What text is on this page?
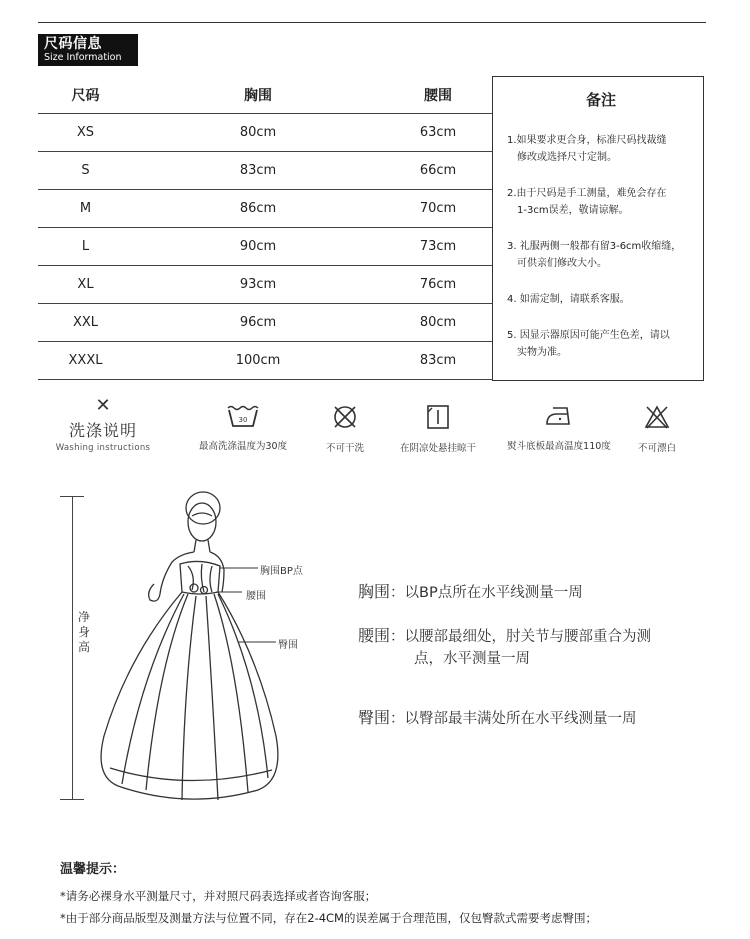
尺码信息
Size Information
尺码	胸围	腰围
XS	80cm	63cm
S	83cm	66cm
M	86cm	70cm
L	90cm	73cm
XL	93cm	76cm
XXL	96cm	80cm
XXXL	100cm	83cm
备注
1.如果要求更合身，标准尺码找裁缝
修改或选择尺寸定制。
2.由于尺码是手工测量，难免会存在
1-3cm误差，敬请谅解。
3. 礼服两侧一般都有留3-6cm收缩缝，
可供亲们修改大小。
4. 如需定制，请联系客服。
5. 因显示器原因可能产生色差，请以
实物为准。
✕
洗涤说明
Washing instructions
30
最高洗涤温度为30度	不可干洗	在阴凉处悬挂晾干	熨斗底板最高温度110度	不可漂白
净身高
胸围BP点
腰围
臀围
胸围：以BP点所在水平线测量一周
腰围：以腰部最细处，肘关节与腰部重合为测
点，水平测量一周
臀围：以臀部最丰满处所在水平线测量一周
温馨提示：
*请务必裸身水平测量尺寸，并对照尺码表选择或者咨询客服；
*由于部分商品版型及测量方法与位置不同，存在2-4CM的误差属于合理范围，仅包臀款式需要考虑臀围；
